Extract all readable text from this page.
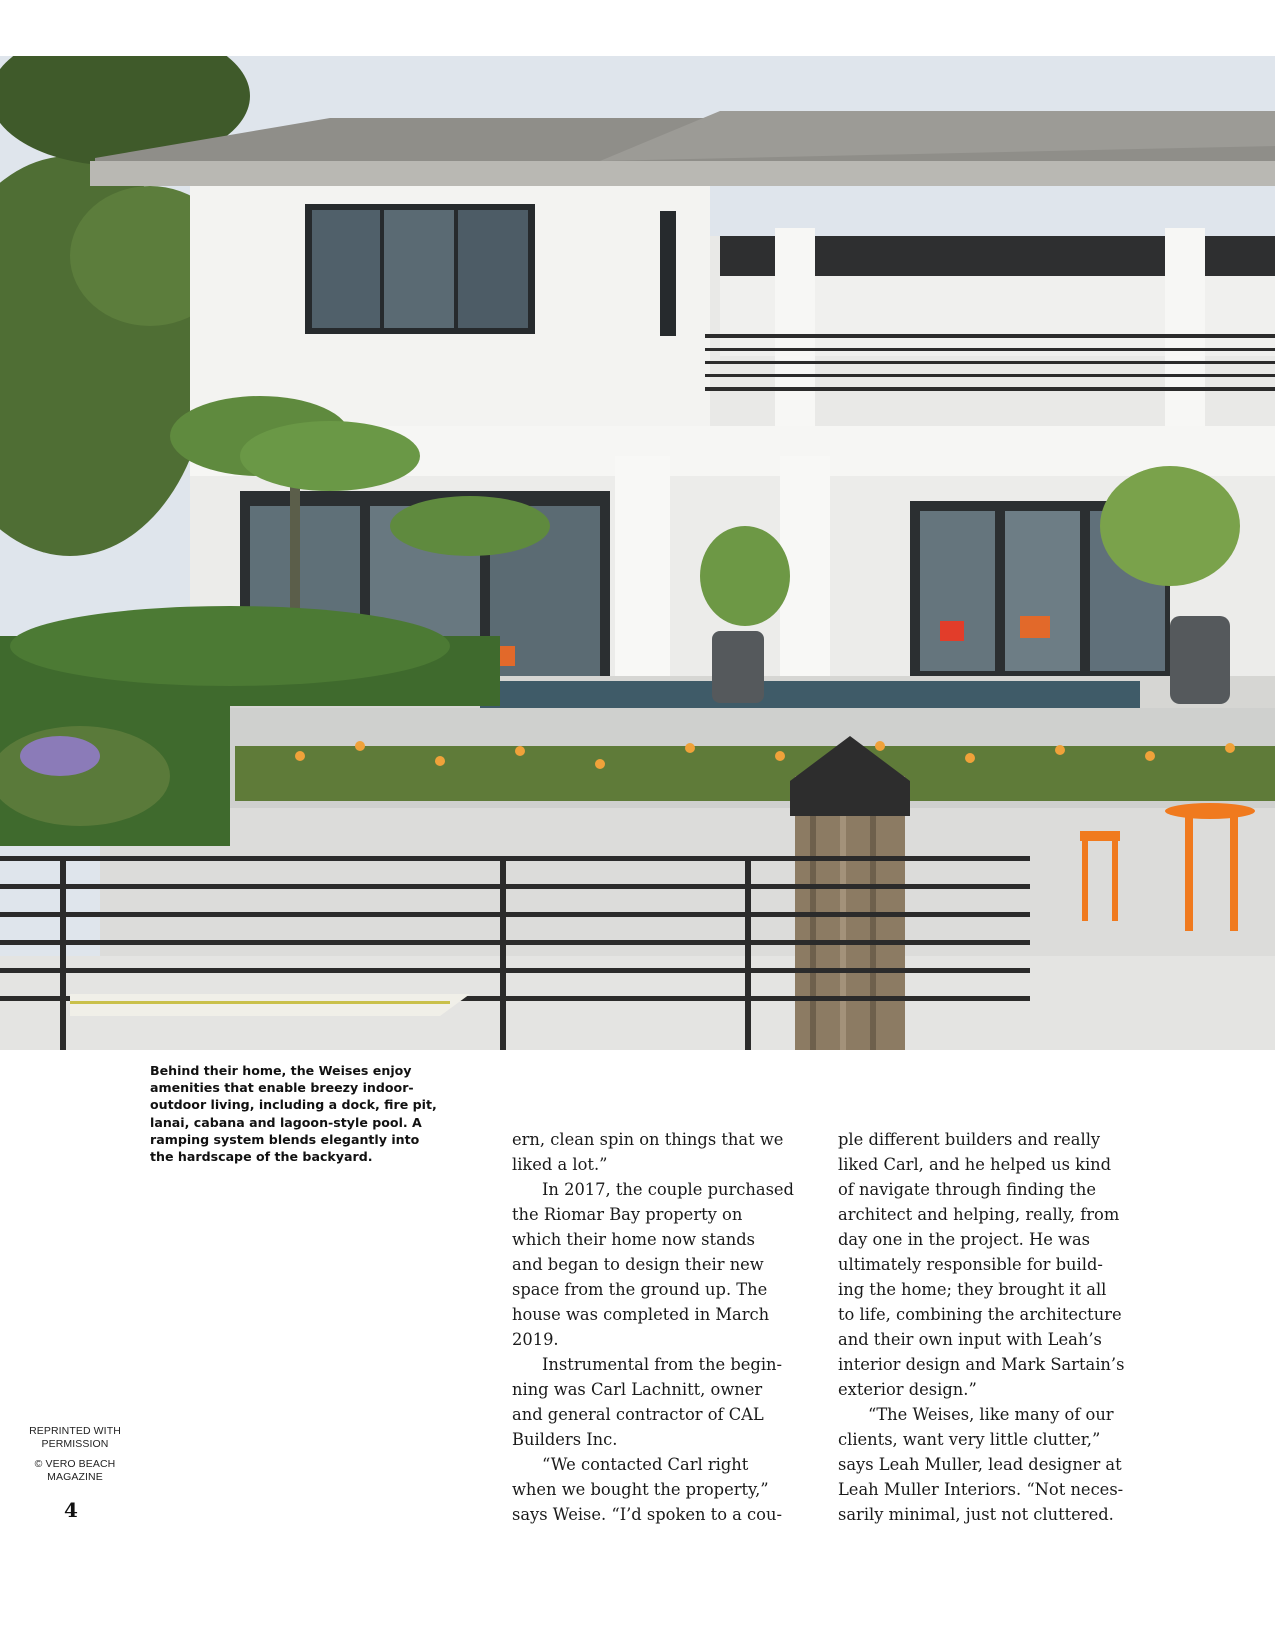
Behind their home, the Weises enjoy
amenities that enable breezy indoor-
outdoor living, including a dock, fire pit,
lanai, cabana and lagoon-style pool. A
ramping system blends elegantly into
the hardscape of the backyard.

ern, clean spin on things that we

liked a lot.”

In 2017, the couple purchased

the Riomar Bay property on

which their home now stands

and began to design their new

space from the ground up. The

house was completed in March

2019.

Instrumental from the begin-

ning was Carl Lachnitt, owner

and general contractor of CAL

Builders Inc.

“We contacted Carl right

when we bought the property,”

says Weise. “I’d spoken to a cou-

ple different builders and really

liked Carl, and he helped us kind

of navigate through finding the

architect and helping, really, from

day one in the project. He was

ultimately responsible for build-

ing the home; they brought it all

to life, combining the architecture

and their own input with Leah’s

interior design and Mark Sartain’s

exterior design.”

“The Weises, like many of our

clients, want very little clutter,”

says Leah Muller, lead designer at

Leah Muller Interiors. “Not neces-

sarily minimal, just not cluttered.

REPRINTED WITH
PERMISSION
© VERO BEACH
MAGAZINE
4
